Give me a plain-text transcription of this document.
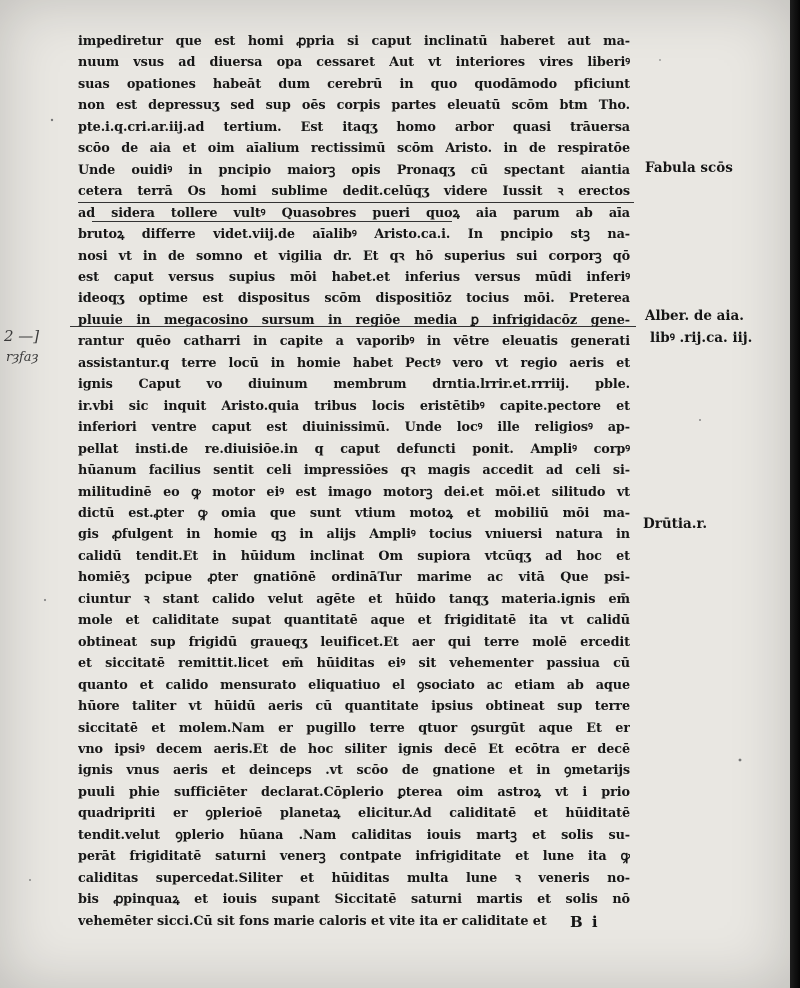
impediretur que est homi ꝓpria si caput inclinatū haberet aut ma-
nuum vsus ad diuersa opa cessaret Aut vt interiores vires liberiꝰ
suas opationes habeāt dum cerebrū in quo quodāmodo pficiunt
non est depressuʒ sed sup oēs corpis partes eleuatū scōm btm Tho.
pte.i.q.cri.ar.iij.ad tertium. Est itaqʒ homo arbor quasi trāuersa
scōo de aia et oim aīalium rectissimū scōm Aristo. in de respiratōe
Unde ouidiꝰ in pncipio maiorꝫ opis Pronaqʒ cū spectant aiantia
cetera terrā Os homi sublime dedit.celūqʒ videre Iussit ꝛ erectos
ad sidera tollere vultꝰ Quasobres pueri quoꝝ aia parum ab aīa
brutoꝝ differre videt.viij.de aīalibꝰ Aristo.ca.i. In pncipio stꝫ na-
nosi vt in de somno et vigilia dr. Et qꝛ hō superius sui corporꝫ qō
est caput versus supius mōi habet.et inferius versus mūdi inferiꝰ
ideoqʒ optime est dispositus scōm dispositiōz tocius mōi. Preterea
pluuie in megacosino sursum in regiōe media ꝑ infrigidacōz gene-
rantur quēo catharri in capite a vaporibꝰ in vētre eleuatis generati
assistantur.q terre locū in homie habet Pectꝰ vero vt regio aeris et
ignis Caput vo diuinum membrum drntia.lrrir.et.rrriij. pble.
ir.vbi sic inquit Aristo.quia tribus locis eristētibꝰ capite.pectore et
inferiori ventre caput est diuinissimū. Unde locꝰ ille religiosꝰ ap-
pellat insti.de re.diuisiōe.in q caput defuncti ponit. Ampliꝰ corpꝰ
hūanum facilius sentit celi impressiōes qꝛ magis accedit ad celi si-
militudinē eo ꝙ motor eiꝰ est imago motorꝫ dei.et mōi.et silitudo vt
dictū est.ꝓter ꝙ omia que sunt vtium motoꝝ et mobiliū mōi ma-
gis ꝓfulgent in homie qꝫ in alijs Ampliꝰ tocius vniuersi natura in
calidū tendit.Et in hūidum inclinat Om supiora vtcūqʒ ad hoc et
homiēʒ pcipue ꝓter gnatiōnē ordināTur marime ac vitā Que psi-
ciuntur ꝛ stant calido velut agēte et hūido tanqʒ materia.ignis em̄
mole et caliditate supat quantitatē aque et frigiditatē ita vt calidū
obtineat sup frigidū graueqʒ leuificet.Et aer qui terre molē ercedit
et siccitatē remittit.licet em̄ hūiditas eiꝰ sit vehementer passiua cū
quanto et calido mensurato eliquatiuo el ꝯsociato ac etiam ab aque
hūore taliter vt hūidū aeris cū quantitate ipsius obtineat sup terre
siccitatē et molem.Nam er pugillo terre qtuor ꝯsurgūt aque Et er
vno ipsiꝰ decem aeris.Et de hoc siliter ignis decē Et ecōtra er decē
ignis vnus aeris et deinceps .vt scōo de gnatione et in ꝯmetarijs
puuli phie sufficiēter declarat.Cōplerio ꝑterea oim astroꝝ vt i prio
quadripriti er ꝯplerioē planetaꝝ elicitur.Ad caliditatē et hūiditatē
tendit.velut ꝯplerio hūana .Nam caliditas iouis martꝫ et solis su-
perāt frigiditatē saturni venerꝫ contpate infrigiditate et lune ita ꝙ
caliditas supercedat.Siliter et hūiditas multa lune ꝛ veneris no-
bis ꝓpinquaꝝ et iouis supant Siccitatē saturni martis et solis nō
vehemēter sicci.Cū sit fons marie caloris et vite ita er caliditate et
Fabula scōs
Alber. de aia.
libꝰ .rij.ca. iij.
Drūtia.r.
2 —]
rȝfaȝ
B i
